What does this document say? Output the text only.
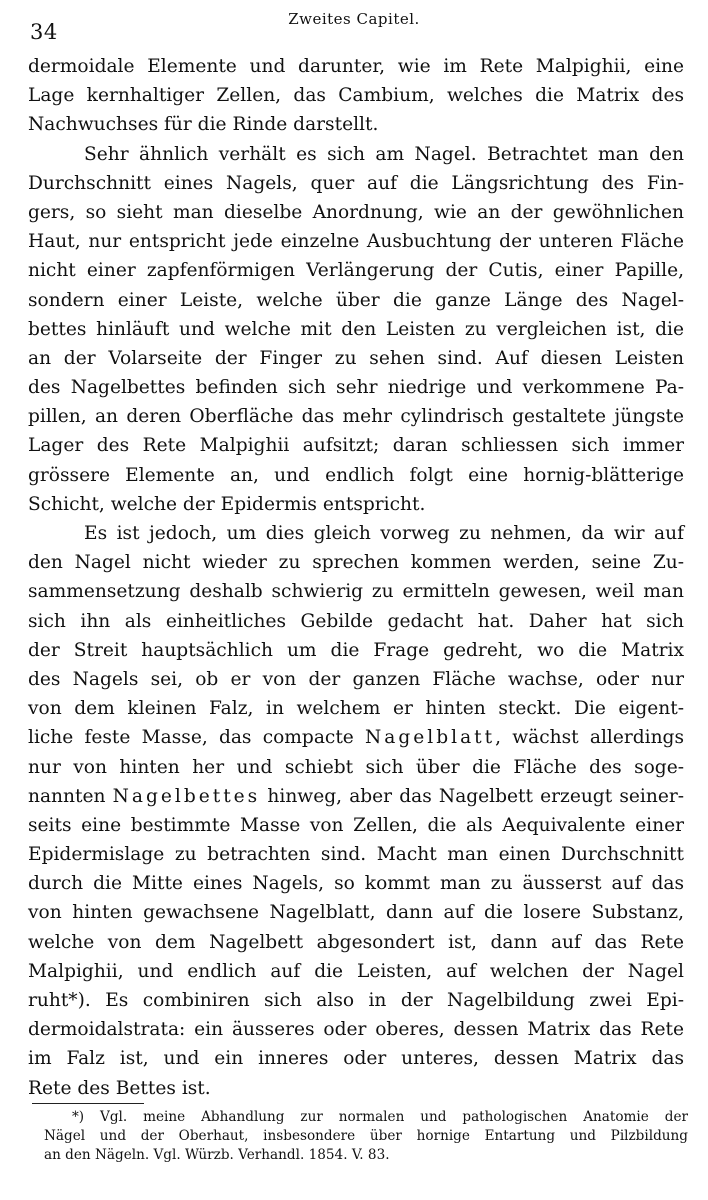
34
Zweites Capitel.
dermoidale Elemente und darunter, wie im Rete Malpighii, eine
Lage kernhaltiger Zellen, das Cambium, welches die Matrix des
Nachwuchses für die Rinde darstellt.
Sehr ähnlich verhält es sich am Nagel. Betrachtet man den
Durchschnitt eines Nagels, quer auf die Längsrichtung des Fin-
gers, so sieht man dieselbe Anordnung, wie an der gewöhnlichen
Haut, nur entspricht jede einzelne Ausbuchtung der unteren Fläche
nicht einer zapfenförmigen Verlängerung der Cutis, einer Papille,
sondern einer Leiste, welche über die ganze Länge des Nagel-
bettes hinläuft und welche mit den Leisten zu vergleichen ist, die
an der Volarseite der Finger zu sehen sind. Auf diesen Leisten
des Nagelbettes befinden sich sehr niedrige und verkommene Pa-
pillen, an deren Oberfläche das mehr cylindrisch gestaltete jüngste
Lager des Rete Malpighii aufsitzt; daran schliessen sich immer
grössere Elemente an, und endlich folgt eine hornig-blätterige
Schicht, welche der Epidermis entspricht.
Es ist jedoch, um dies gleich vorweg zu nehmen, da wir auf
den Nagel nicht wieder zu sprechen kommen werden, seine Zu-
sammensetzung deshalb schwierig zu ermitteln gewesen, weil man
sich ihn als einheitliches Gebilde gedacht hat. Daher hat sich
der Streit hauptsächlich um die Frage gedreht, wo die Matrix
des Nagels sei, ob er von der ganzen Fläche wachse, oder nur
von dem kleinen Falz, in welchem er hinten steckt. Die eigent-
liche feste Masse, das compacte Nagelblatt, wächst allerdings
nur von hinten her und schiebt sich über die Fläche des soge-
nannten Nagelbettes hinweg, aber das Nagelbett erzeugt seiner-
seits eine bestimmte Masse von Zellen, die als Aequivalente einer
Epidermislage zu betrachten sind. Macht man einen Durchschnitt
durch die Mitte eines Nagels, so kommt man zu äusserst auf das
von hinten gewachsene Nagelblatt, dann auf die losere Substanz,
welche von dem Nagelbett abgesondert ist, dann auf das Rete
Malpighii, und endlich auf die Leisten, auf welchen der Nagel
ruht*). Es combiniren sich also in der Nagelbildung zwei Epi-
dermoidalstrata: ein äusseres oder oberes, dessen Matrix das Rete
im Falz ist, und ein inneres oder unteres, dessen Matrix das
Rete des Bettes ist.
*) Vgl. meine Abhandlung zur normalen und pathologischen Anatomie der
Nägel und der Oberhaut, insbesondere über hornige Entartung und Pilzbildung
an den Nägeln. Vgl. Würzb. Verhandl. 1854. V. 83.
